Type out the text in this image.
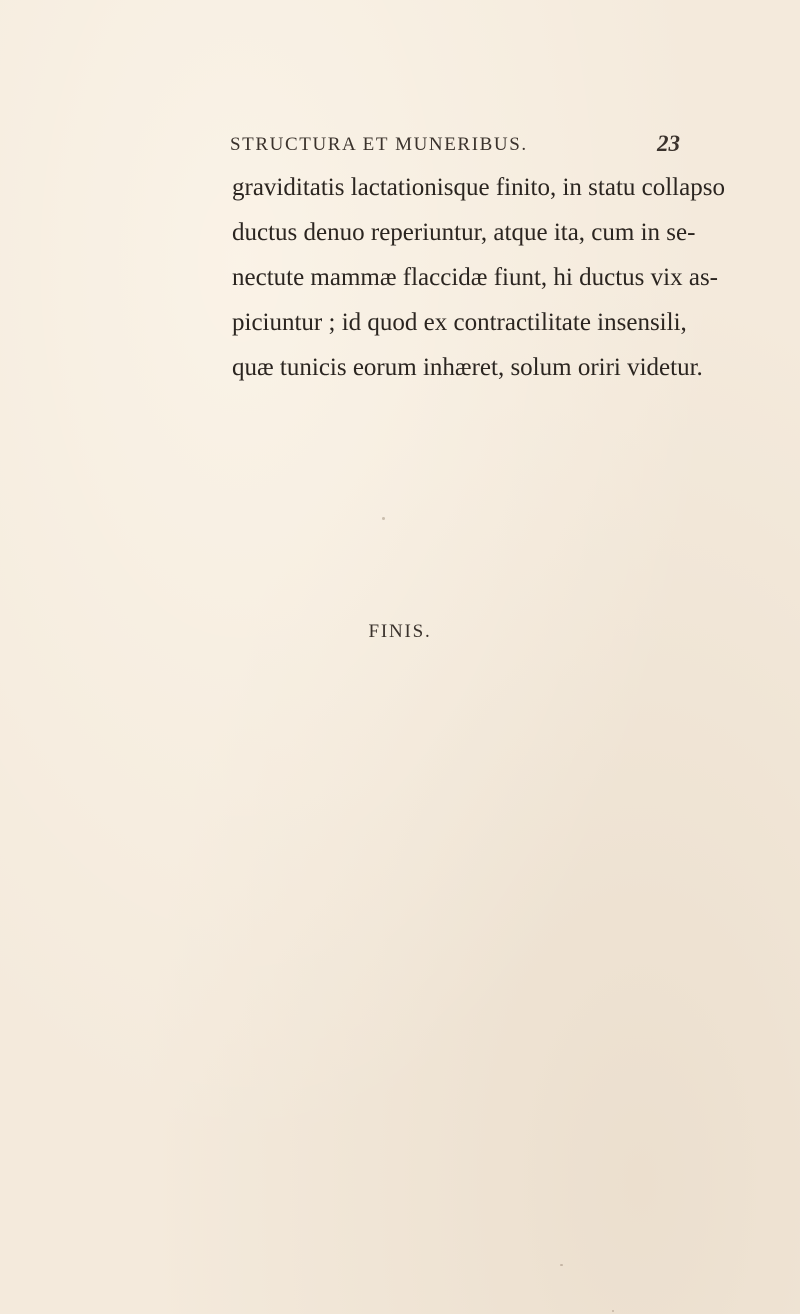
STRUCTURA ET MUNERIBUS.	23
graviditatis lactationisque finito, in statu collapso
ductus denuo reperiuntur, atque ita, cum in se-
nectute mammæ flaccidæ fiunt, hi ductus vix as-
piciuntur ; id quod ex contractilitate insensili,
quæ tunicis eorum inhæret, solum oriri videtur.
FINIS.
